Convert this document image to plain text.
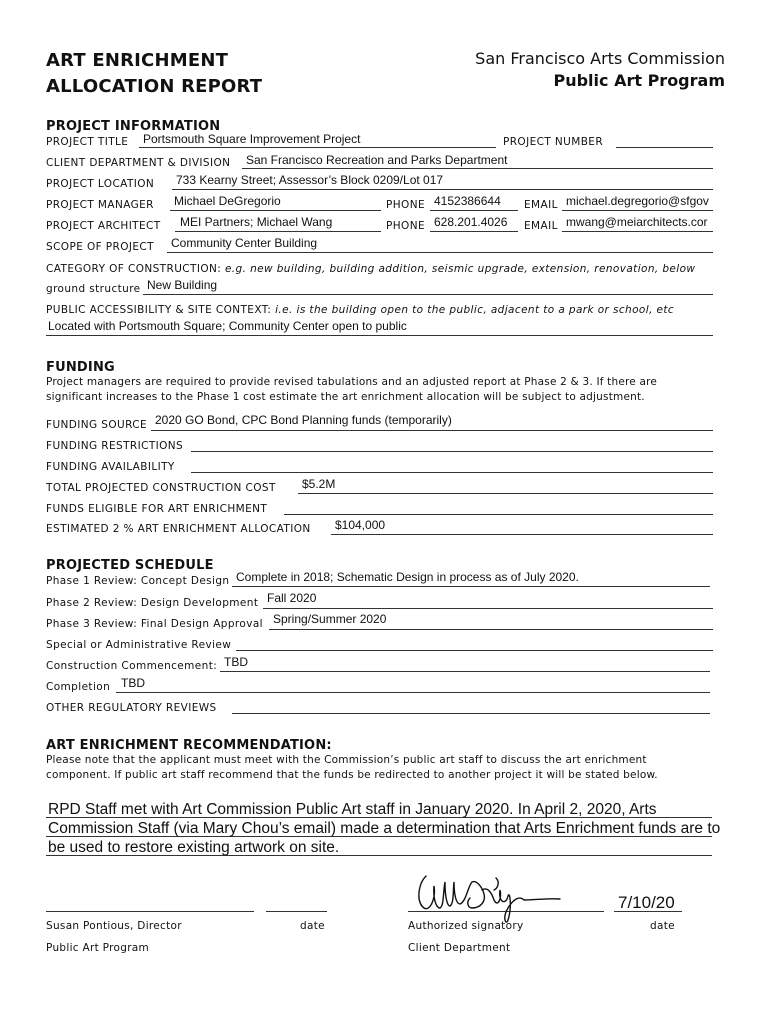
ART ENRICHMENT
ALLOCATION REPORT
San Francisco Arts Commission
Public Art Program
PROJECT INFORMATION
PROJECT TITLE Portsmouth Square Improvement Project	PROJECT NUMBER
CLIENT DEPARTMENT & DIVISION San Francisco Recreation and Parks Department
PROJECT LOCATION 733 Kearny Street; Assessor’s Block 0209/Lot 017
PROJECT MANAGER Michael DeGregorio	PHONE 4152386644 EMAIL michael.degregorio@sfgov
PROJECT ARCHITECT MEI Partners; Michael Wang	PHONE 628.201.4026 EMAIL mwang@meiarchitects.cor
SCOPE OF PROJECT Community Center Building
CATEGORY OF CONSTRUCTION: e.g. new building, building addition, seismic upgrade, extension, renovation, below
ground structure New Building
PUBLIC ACCESSIBILITY & SITE CONTEXT: i.e. is the building open to the public, adjacent to a park or school, etc
Located with Portsmouth Square; Community Center open to public
FUNDING
Project managers are required to provide revised tabulations and an adjusted report at Phase 2 & 3. If there are
significant increases to the Phase 1 cost estimate the art enrichment allocation will be subject to adjustment.
FUNDING SOURCE 2020 GO Bond, CPC Bond Planning funds (temporarily)
FUNDING RESTRICTIONS
FUNDING AVAILABILITY
TOTAL PROJECTED CONSTRUCTION COST $5.2M
FUNDS ELIGIBLE FOR ART ENRICHMENT
ESTIMATED 2 % ART ENRICHMENT ALLOCATION $104,000
PROJECTED SCHEDULE
Phase 1 Review: Concept Design Complete in 2018; Schematic Design in process as of July 2020.
Phase 2 Review: Design Development Fall 2020
Phase 3 Review: Final Design Approval Spring/Summer 2020
Special or Administrative Review
Construction Commencement: TBD
Completion TBD
OTHER REGULATORY REVIEWS
ART ENRICHMENT RECOMMENDATION:
Please note that the applicant must meet with the Commission’s public art staff to discuss the art enrichment
component. If public art staff recommend that the funds be redirected to another project it will be stated below.
RPD Staff met with Art Commission Public Art staff in January 2020. In April 2, 2020, Arts
Commission Staff (via Mary Chou’s email) made a determination that Arts Enrichment funds are to
be used to restore existing artwork on site.
Susan Pontious, Director	date
Public Art Program
7/10/20
Authorized signatory	date
Client Department
